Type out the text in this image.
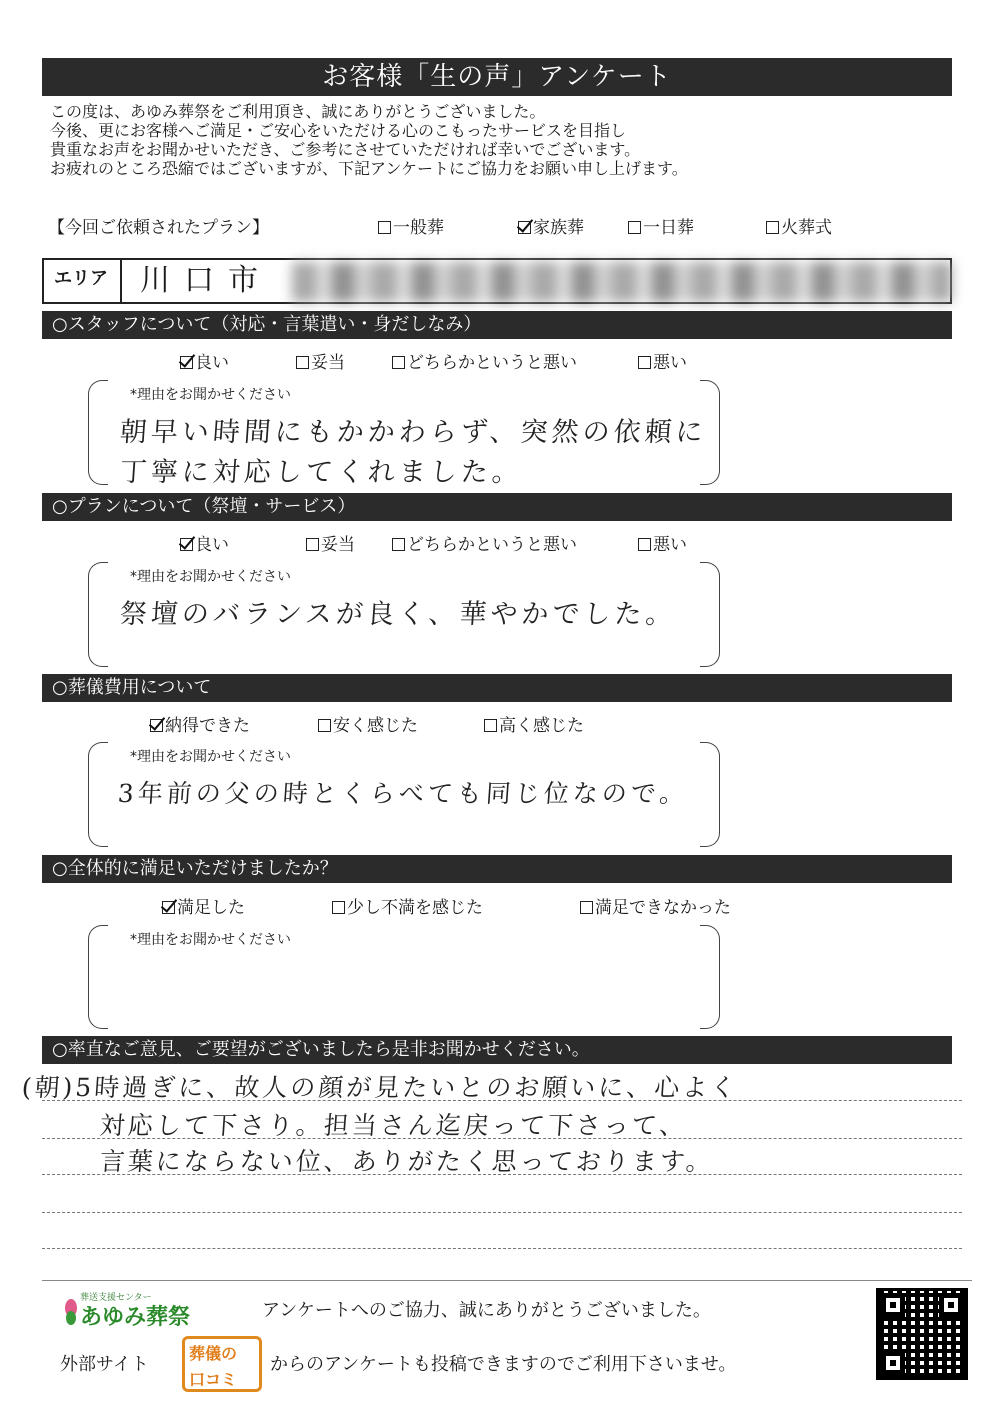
お客様「生の声」アンケート
この度は、あゆみ葬祭をご利用頂き、誠にありがとうございました。
今後、更にお客様へご満足・ご安心をいただける心のこもったサービスを目指し
貴重なお声をお聞かせいただき、ご参考にさせていただければ幸いでございます。
お疲れのところ恐縮ではございますが、下記アンケートにご協力をお願い申し上げます。
【今回ご依頼されたプラン】	一般葬	家族葬	一日葬	火葬式
エリア	川口市
○スタッフについて（対応・言葉遣い・身だしなみ）
良い	妥当	どちらかというと悪い	悪い
*理由をお聞かせください
朝早い時間にもかかわらず、突然の依頼に
丁寧に対応してくれました。
○プランについて（祭壇・サービス）
良い	妥当	どちらかというと悪い	悪い
*理由をお聞かせください
祭壇のバランスが良く、華やかでした。
○葬儀費用について
納得できた	安く感じた	高く感じた
*理由をお聞かせください
3年前の父の時とくらべても同じ位なので。
○全体的に満足いただけましたか？
満足した	少し不満を感じた	満足できなかった
*理由をお聞かせください
○率直なご意見、ご要望がございましたら是非お聞かせください。
(朝)5時過ぎに、故人の顔が見たいとのお願いに、心よく
対応して下さり。担当さん迄戻って下さって、
言葉にならない位、ありがたく思っております。
葬送支援センター
あゆみ葬祭	アンケートへのご協力、誠にありがとうございました。
外部サイト
葬儀の
口コミ
からのアンケートも投稿できますのでご利用下さいませ。
